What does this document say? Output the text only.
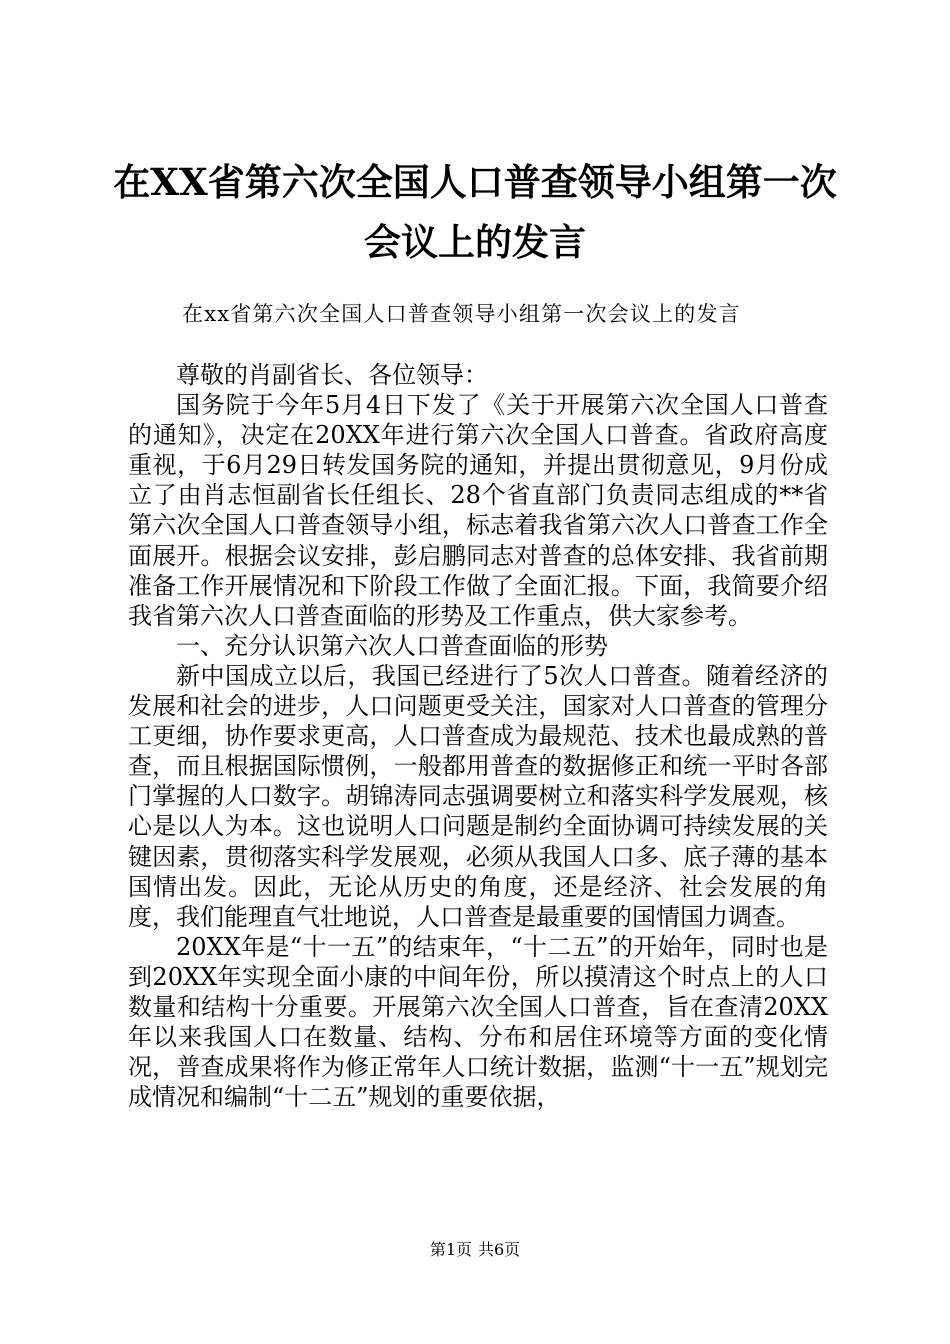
在XX省第六次全国人口普查领导小组第一次
会议上的发言
在xx省第六次全国人口普查领导小组第一次会议上的发言

尊敬的肖副省长、各位领导：

国务院于今年5月4日下发了《关于开展第六次全国人口普查的通知》，决定在20XX年进行第六次全国人口普查。省政府高度重视，于6月29日转发国务院的通知，并提出贯彻意见，9月份成立了由肖志恒副省长任组长、28个省直部门负责同志组成的**省第六次全国人口普查领导小组，标志着我省第六次人口普查工作全面展开。根据会议安排，彭启鹏同志对普查的总体安排、我省前期准备工作开展情况和下阶段工作做了全面汇报。下面，我简要介绍我省第六次人口普查面临的形势及工作重点，供大家参考。

一、充分认识第六次人口普查面临的形势

新中国成立以后，我国已经进行了5次人口普查。随着经济的发展和社会的进步，人口问题更受关注，国家对人口普查的管理分工更细，协作要求更高，人口普查成为最规范、技术也最成熟的普查，而且根据国际惯例，一般都用普查的数据修正和统一平时各部门掌握的人口数字。胡锦涛同志强调要树立和落实科学发展观，核心是以人为本。这也说明人口问题是制约全面协调可持续发展的关键因素，贯彻落实科学发展观，必须从我国人口多、底子薄的基本国情出发。因此，无论从历史的角度，还是经济、社会发展的角度，我们能理直气壮地说，人口普查是最重要的国情国力调查。

20XX年是“十一五”的结束年，“十二五”的开始年，同时也是到20XX年实现全面小康的中间年份，所以摸清这个时点上的人口数量和结构十分重要。开展第六次全国人口普查，旨在查清20XX年以来我国人口在数量、结构、分布和居住环境等方面的变化情况，普查成果将作为修正常年人口统计数据，监测“十一五”规划完成情况和编制“十二五”规划的重要依据，

第1页 共6页
